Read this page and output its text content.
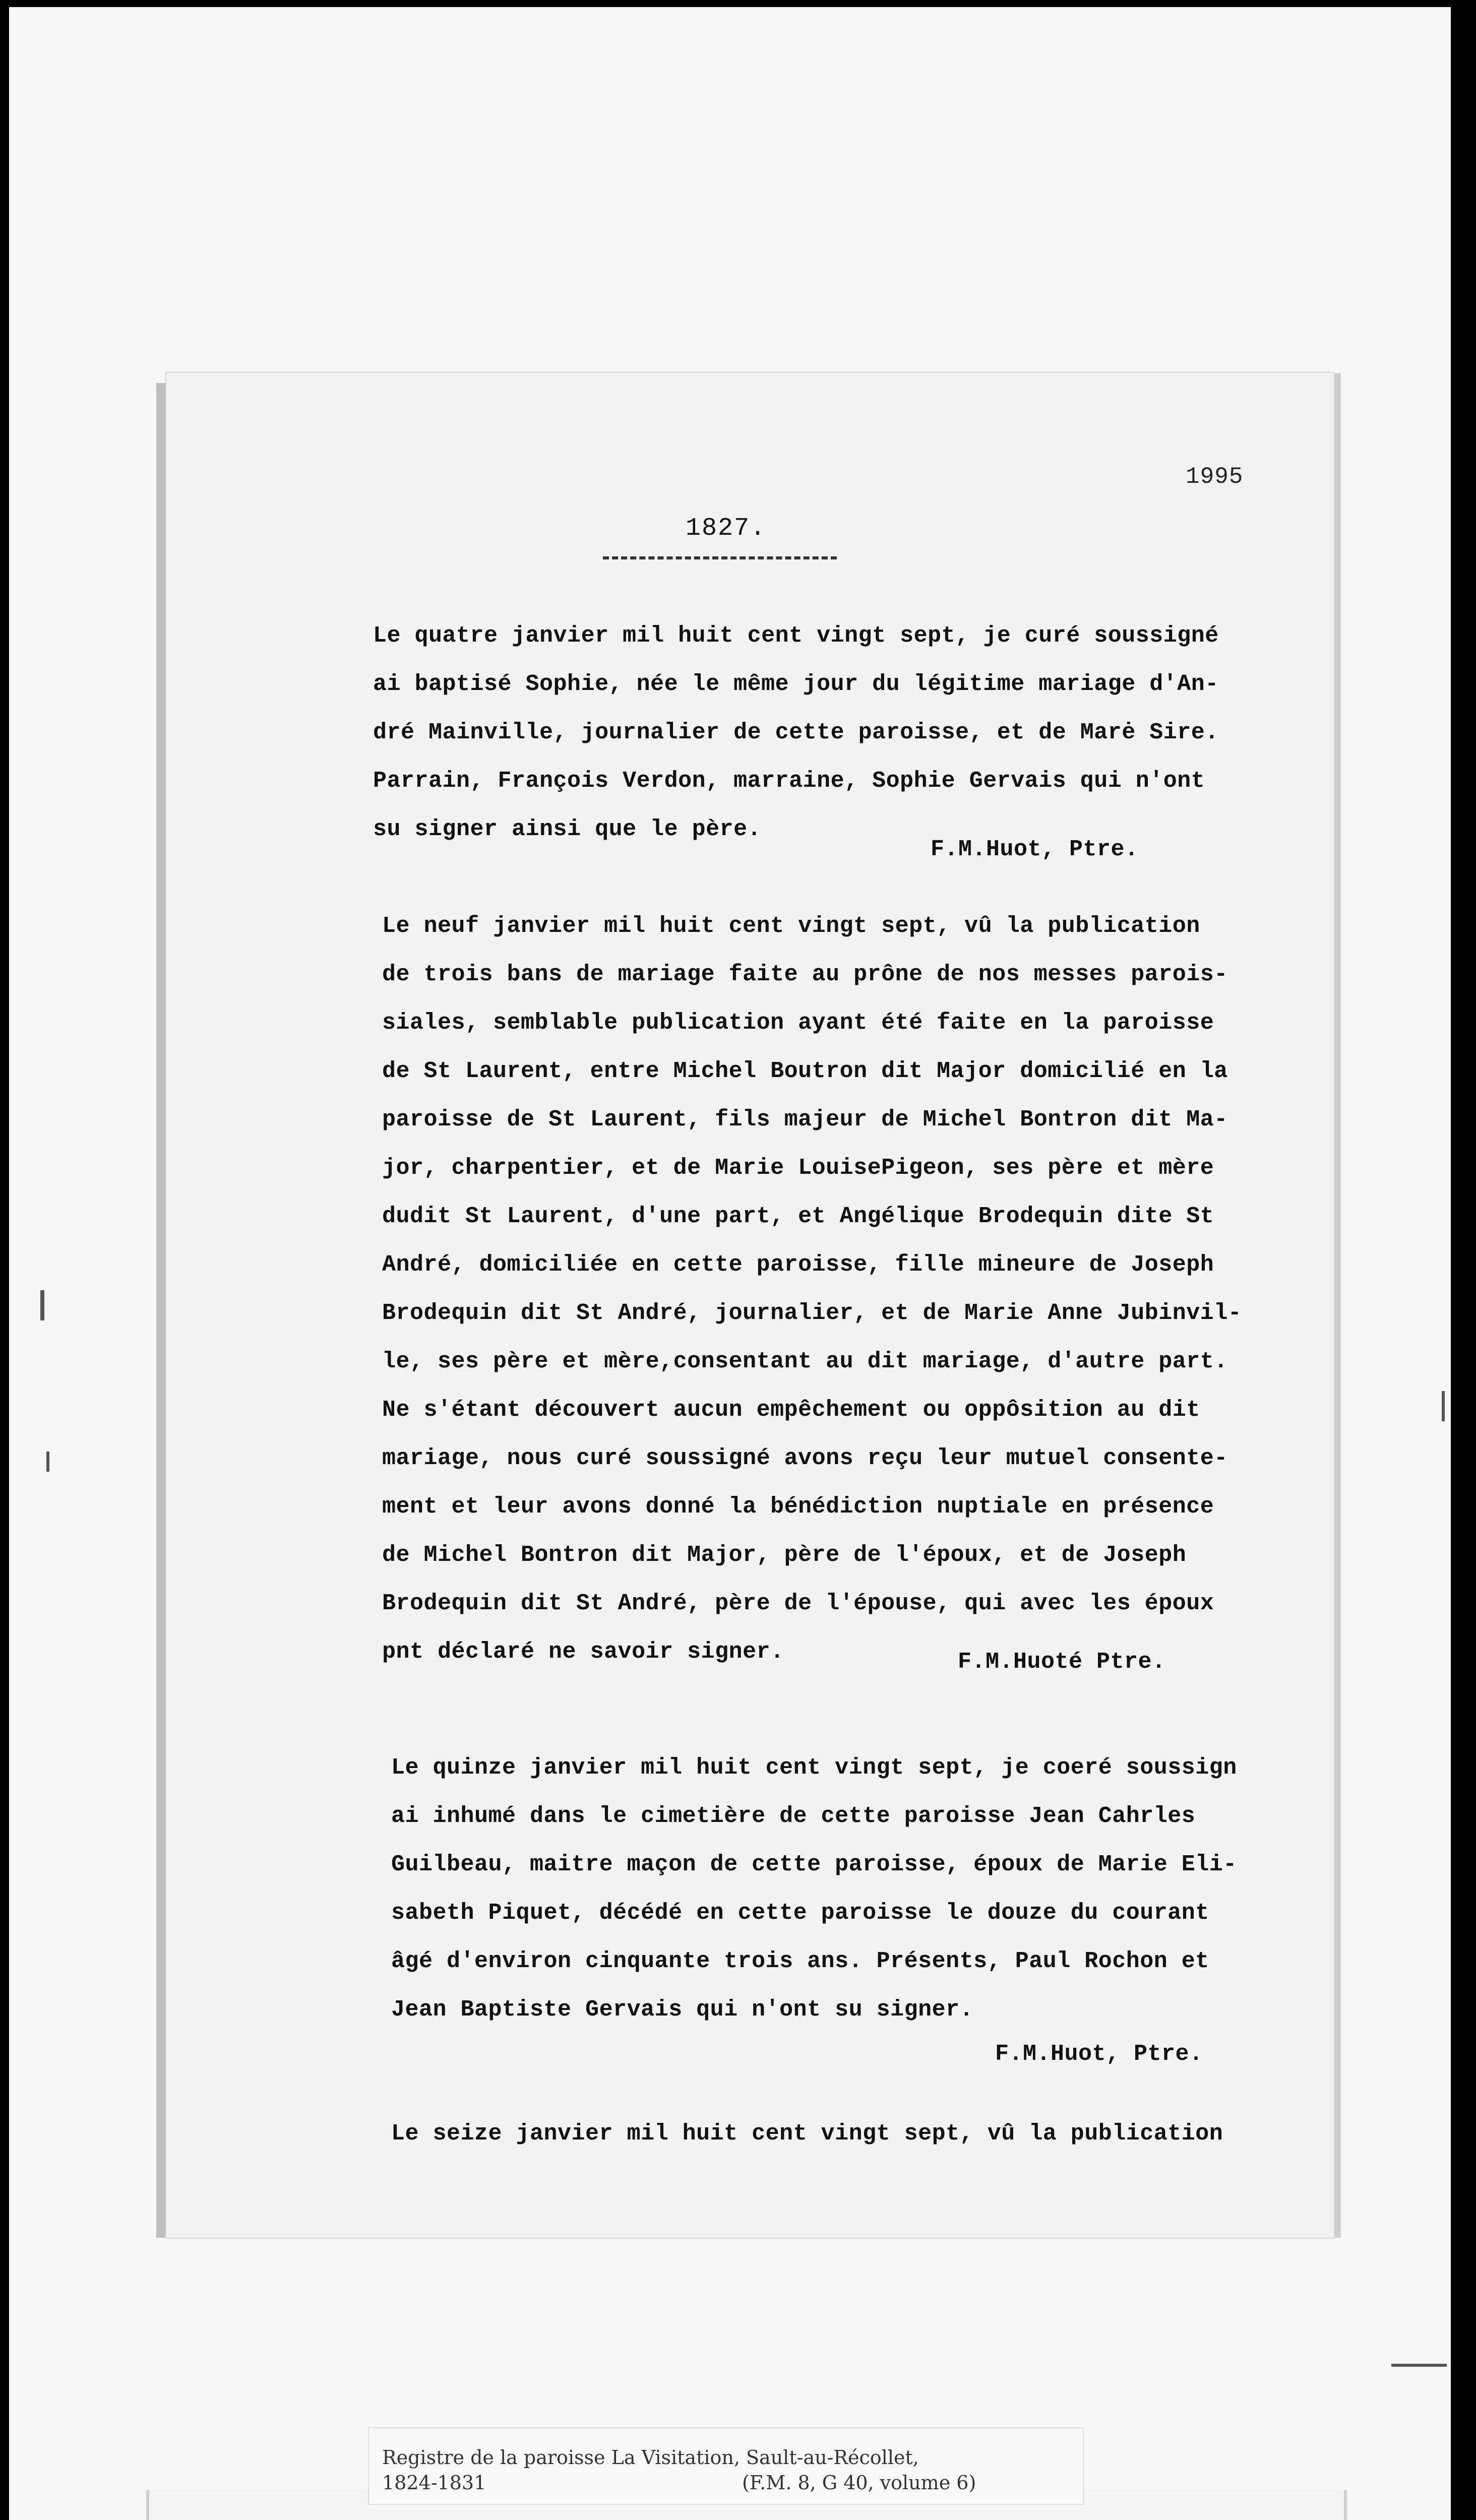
1995
1827.

Le quatre janvier mil huit cent vingt sept, je curé soussigné

ai baptisé Sophie, née le même jour du légitime mariage d'An-

dré Mainville, journalier de cette paroisse, et de Marė Sire.

Parrain, François Verdon, marraine, Sophie Gervais qui n'ont

su signer ainsi que le père.

F.M.Huot, Ptre.

Le neuf janvier mil huit cent vingt sept, vû la publication

de trois bans de mariage faite au prône de nos messes parois-

siales, semblable publication ayant été faite en la paroisse

de St Laurent, entre Michel Boutron dit Major domicilié en la

paroisse de St Laurent, fils majeur de Michel Bontron dit Ma-

jor, charpentier, et de Marie LouisePigeon, ses père et mère

dudit St Laurent, d'une part, et Angélique Brodequin dite St

André, domiciliée en cette paroisse, fille mineure de Joseph

Brodequin dit St André, journalier, et de Marie Anne Jubinvil-

le, ses père et mère,consentant au dit mariage, d'autre part.

Ne s'étant découvert aucun empêchement ou oppôsition au dit

mariage, nous curé soussigné avons reçu leur mutuel consente-

ment et leur avons donné la bénédiction nuptiale en présence

de Michel Bontron dit Major, père de l'époux, et de Joseph

Brodequin dit St André, père de l'épouse, qui avec les époux

pnt déclaré ne savoir signer.	F.M.Huoté Ptre.

Le quinze janvier mil huit cent vingt sept, je coeré soussign

ai inhumé dans le cimetière de cette paroisse Jean Cahrles

Guilbeau, maitre maçon de cette paroisse, époux de Marie Eli-

sabeth Piquet, décédé en cette paroisse le douze du courant

âgé d'environ cinquante trois ans. Présents, Paul Rochon et

Jean Baptiste Gervais qui n'ont su signer.

F.M.Huot, Ptre.

Le seize janvier mil huit cent vingt sept, vû la publication

Registre de la paroisse La Visitation, Sault-au-Récollet,
1824-1831	(F.M. 8, G 40, volume 6)
